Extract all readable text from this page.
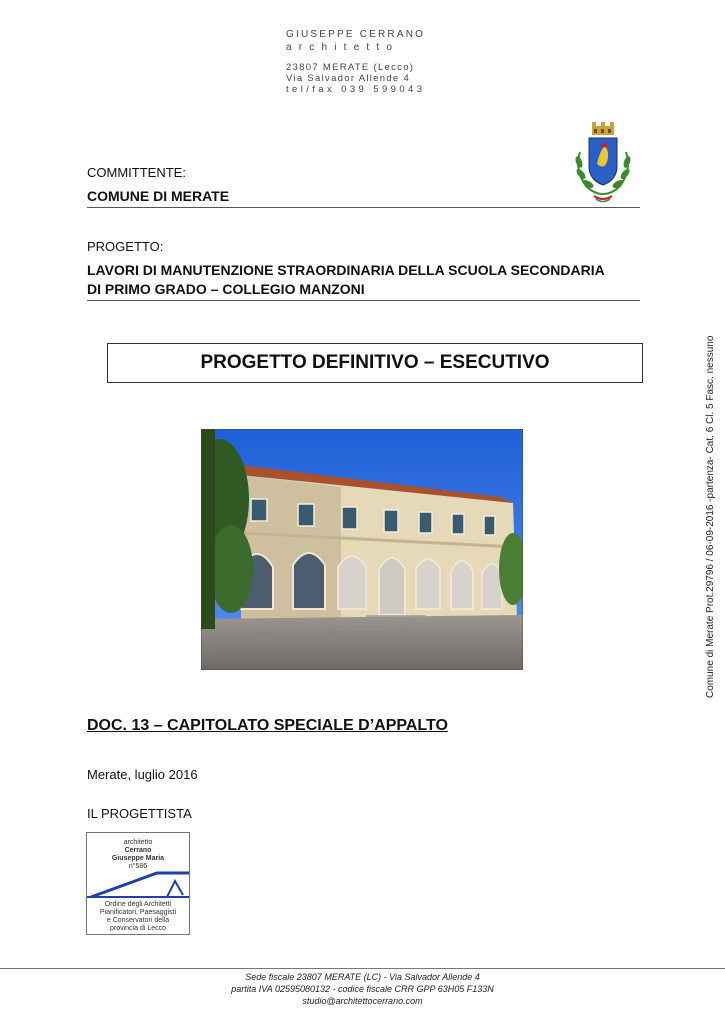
GIUSEPPE CERRANO
architetto
23807 MERATE (Lecco)
Via Salvador Allende 4
tel/fax 039 599043
COMMITTENTE:
COMUNE DI MERATE
PROGETTO:
LAVORI DI MANUTENZIONE STRAORDINARIA DELLA SCUOLA SECONDARIA
DI PRIMO GRADO – COLLEGIO MANZONI
PROGETTO DEFINITIVO – ESECUTIVO	Comune di Merate Prot.29796 / 06-09-2016 -partenza- Cat. 6 Cl. 5 Fasc. nessuno
DOC. 13 – CAPITOLATO SPECIALE D’APPALTO
Merate, luglio 2016
IL PROGETTISTA
architetto
Cerrano
Giuseppe Maria
n°586
Ordine degli Architetti
Pianificatori, Paesaggisti
e Conservatori della
provincia di Lecco
Sede fiscale 23807 MERATE (LC) - Via Salvador Allende 4
partita IVA 02595080132 - codice fiscale CRR GPP 63H05 F133N
studio@architettocerrano.com
